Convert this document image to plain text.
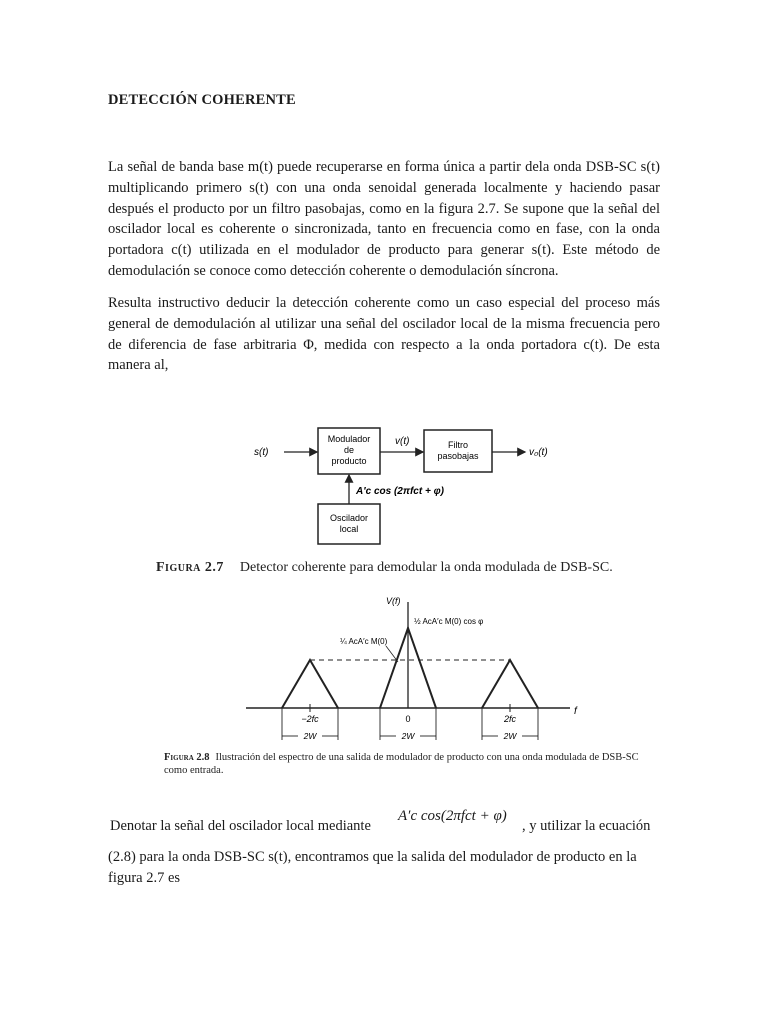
DETECCIÓN COHERENTE
La señal de banda base m(t) puede recuperarse en forma única a partir dela onda DSB-SC s(t) multiplicando primero s(t) con una onda senoidal generada localmente y haciendo pasar después el producto por un filtro pasobajas, como en la figura 2.7. Se supone que la señal del oscilador local es coherente o sincronizada, tanto en frecuencia como en fase, con la onda portadora c(t) utilizada en el modulador de producto para generar s(t). Este método de demodulación se conoce como detección coherente o demodulación síncrona.
Resulta instructivo deducir la detección coherente como un caso especial del proceso más general de demodulación al utilizar una señal del oscilador local de la misma frecuencia pero de diferencia de fase arbitraria Φ, medida con respecto a la onda portadora c(t). De esta manera al,
Modulador
de
producto
Filtro
pasobajas
Oscilador
local
s(t)
v(t)
v₀(t)
A′c cos (2πfct + φ)
Figura 2.7 Detector coherente para demodular la onda modulada de DSB-SC.
V(f)
f
½ AcA′c M(0) cos φ
¼ AcA′c M(0)
−2fc	0	2fc
2W	2W	2W
Figura 2.8 Ilustración del espectro de una salida de modulador de producto con una onda modulada de DSB-SC como entrada.
Denotar la señal del oscilador local mediante
A′c cos(2πfct + φ)
, y utilizar la ecuación
(2.8) para la onda DSB-SC s(t), encontramos que la salida del modulador de producto en la figura 2.7 es
